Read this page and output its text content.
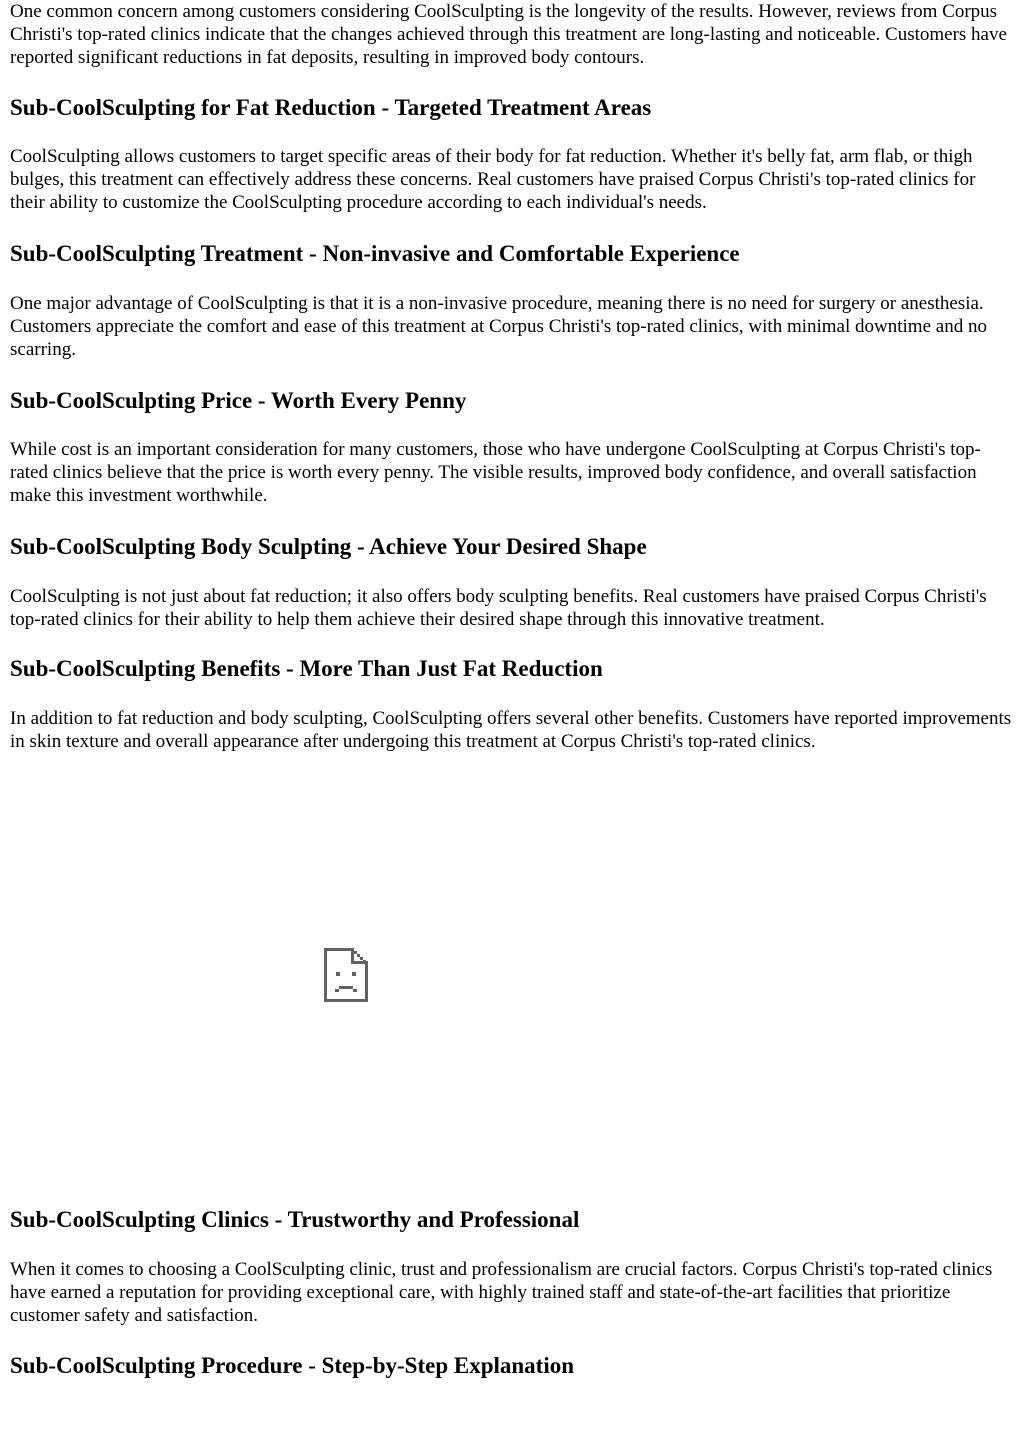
One common concern among customers considering CoolSculpting is the longevity of the results. However, reviews from Corpus Christi's top-rated clinics indicate that the changes achieved through this treatment are long-lasting and noticeable. Customers have reported significant reductions in fat deposits, resulting in improved body contours.

Sub-CoolSculpting for Fat Reduction - Targeted Treatment Areas

CoolSculpting allows customers to target specific areas of their body for fat reduction. Whether it's belly fat, arm flab, or thigh bulges, this treatment can effectively address these concerns. Real customers have praised Corpus Christi's top-rated clinics for their ability to customize the CoolSculpting procedure according to each individual's needs.

Sub-CoolSculpting Treatment - Non-invasive and Comfortable Experience

One major advantage of CoolSculpting is that it is a non-invasive procedure, meaning there is no need for surgery or anesthesia. Customers appreciate the comfort and ease of this treatment at Corpus Christi's top-rated clinics, with minimal downtime and no scarring.

Sub-CoolSculpting Price - Worth Every Penny

While cost is an important consideration for many customers, those who have undergone CoolSculpting at Corpus Christi's top-rated clinics believe that the price is worth every penny. The visible results, improved body confidence, and overall satisfaction make this investment worthwhile.

Sub-CoolSculpting Body Sculpting - Achieve Your Desired Shape

CoolSculpting is not just about fat reduction; it also offers body sculpting benefits. Real customers have praised Corpus Christi's top-rated clinics for their ability to help them achieve their desired shape through this innovative treatment.

Sub-CoolSculpting Benefits - More Than Just Fat Reduction

In addition to fat reduction and body sculpting, CoolSculpting offers several other benefits. Customers have reported improvements in skin texture and overall appearance after undergoing this treatment at Corpus Christi's top-rated clinics.

Sub-CoolSculpting Clinics - Trustworthy and Professional

When it comes to choosing a CoolSculpting clinic, trust and professionalism are crucial factors. Corpus Christi's top-rated clinics have earned a reputation for providing exceptional care, with highly trained staff and state-of-the-art facilities that prioritize customer safety and satisfaction.

Sub-CoolSculpting Procedure - Step-by-Step Explanation
